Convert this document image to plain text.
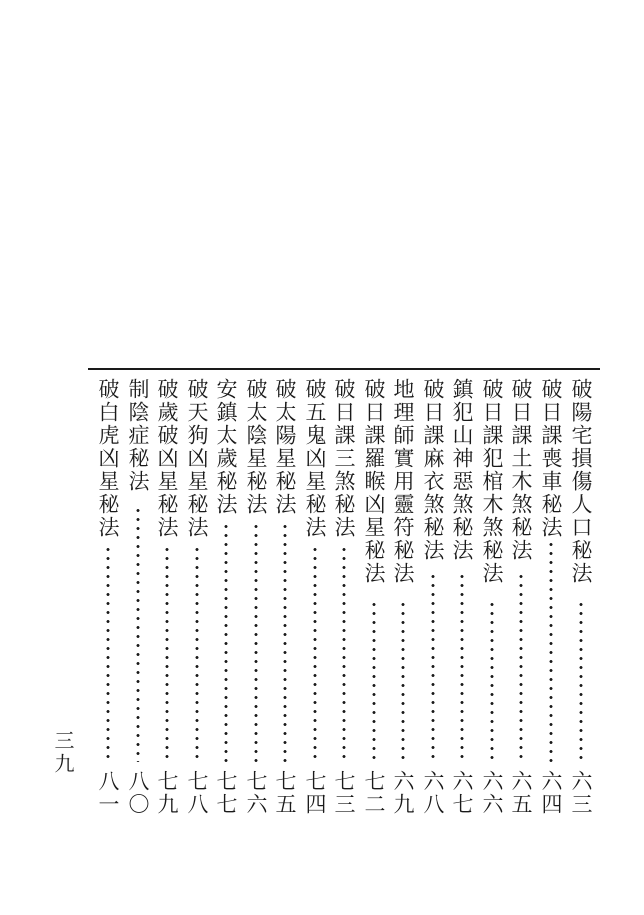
破陽宅損傷人口秘法
六三
破日課喪車秘法
六四
破日課土木煞秘法
六五
破日課犯棺木煞秘法
六六
鎮犯山神惡煞秘法
六七
破日課麻衣煞秘法
六八
地理師實用靈符秘法
六九
破日課羅睺凶星秘法
七二
破日課三煞秘法
七三
破五鬼凶星秘法
七四
破太陽星秘法
七五
破太陰星秘法
七六
安鎮太歲秘法
七七
破天狗凶星秘法
七八
破歲破凶星秘法
七九
制陰症秘法
八〇
破白虎凶星秘法
八一
三九
